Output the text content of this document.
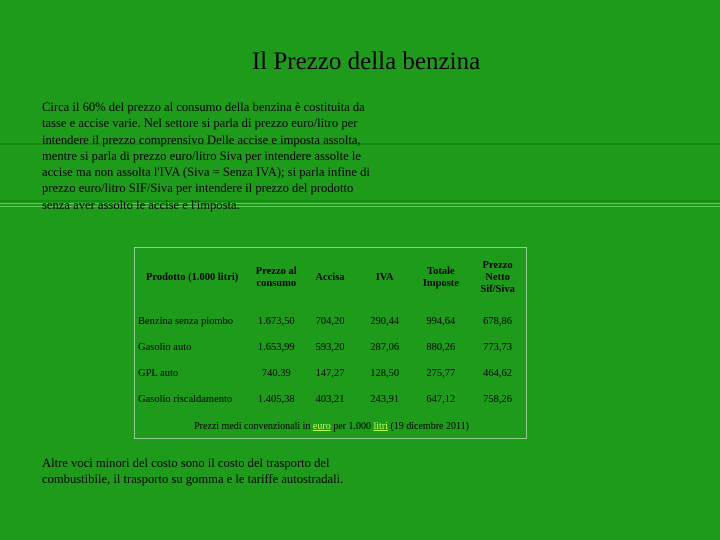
Il Prezzo della benzina
Circa il 60% del prezzo al consumo della benzina è costituita da tasse e accise varie. Nel settore si parla di prezzo euro/litro per intendere il prezzo comprensivo Delle accise e imposta assolta, mentre si parla di prezzo euro/litro Siva per intendere assolte le accise ma non assolta l'IVA (Siva = Senza IVA); si parla infine di prezzo euro/litro SIF/Siva per intendere il prezzo del prodotto senza aver assolto le accise e l'imposta.
Prodotto (1.000 litri)	Prezzo al consumo	Accisa	IVA	Totale Imposte	Prezzo Netto Sif/Siva
Benzina senza piombo	1.673,50	704,20	290,44	994,64	678,86
Gasolio auto	1.653,99	593,20	287,06	880,26	773,73
GPL auto	740.39	147,27	128,50	275,77	464,62
Gasolio riscaldamento	1.405,38	403,21	243,91	647,12	758,26
Prezzi medi convenzionali in euro per 1.000 litri (19 dicembre 2011)
Altre voci minori del costo sono il costo del trasporto del combustibile, il trasporto su gomma e le tariffe autostradali.
